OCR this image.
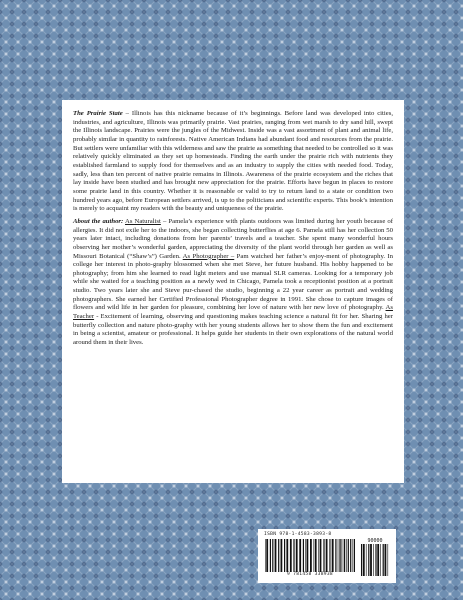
The Prairie State – Illinois has this nickname because of it’s beginnings. Before land was developed into cities, industries, and agriculture, Illinois was primarily prairie. Vast prairies, ranging from wet marsh to dry sand hill, swept the Illinois landscape. Prairies were the jungles of the Midwest. Inside was a vast assortment of plant and animal life, probably similar in quantity to rainforests. Native American Indians had abundant food and resources from the prairie. But settlers were unfamiliar with this wilderness and saw the prairie as something that needed to be controlled so it was relatively quickly eliminated as they set up homesteads. Finding the earth under the prairie rich with nutrients they established farmland to supply food for themselves and as an industry to supply the cities with needed food. Today, sadly, less than ten percent of native prairie remains in Illinois. Awareness of the prairie ecosystem and the riches that lay inside have been studied and has brought new appreciation for the prairie. Efforts have begun in places to restore some prairie land in this country. Whether it is reasonable or valid to try to return land to a state or condition two hundred years ago, before European settlers arrived, is up to the politicians and scientific experts. This book’s intention is merely to acquaint my readers with the beauty and uniqueness of the prairie.

About the author: As Naturalist – Pamela’s experience with plants outdoors was limited during her youth because of allergies. It did not exile her to the indoors, she began collecting butterflies at age 6. Pamela still has her collection 50 years later intact, including donations from her parents’ travels and a teacher. She spent many wonderful hours observing her mother’s wonderful garden, appreciating the diversity of the plant world through her garden as well as Missouri Botanical (“Shaw’s”) Garden. As Photographer – Pam watched her father’s enjoy-ment of photography. In college her interest in photo-graphy blossomed when she met Steve, her future husband. His hobby happened to be photography; from him she learned to read light meters and use manual SLR cameras. Looking for a temporary job while she waited for a teaching position as a newly wed in Chicago, Pamela took a receptionist position at a portrait studio. Two years later she and Steve pur-chased the studio, beginning a 22 year career as portrait and wedding photographers. She earned her Certified Professional Photographer degree in 1991. She chose to capture images of flowers and wild life in her garden for pleasure, combining her love of nature with her new love of photography. As Teacher - Excitement of learning, observing and questioning makes teaching science a natural fit for her. Sharing her butterfly collection and nature photo-graphy with her young students allows her to show them the fun and excitement in being a scientist, amateur or professional. It helps guide her students in their own explorations of the natural world around them in their lives.

ISBN 978-1-4583-3893-8
90000
9 781458 338938
